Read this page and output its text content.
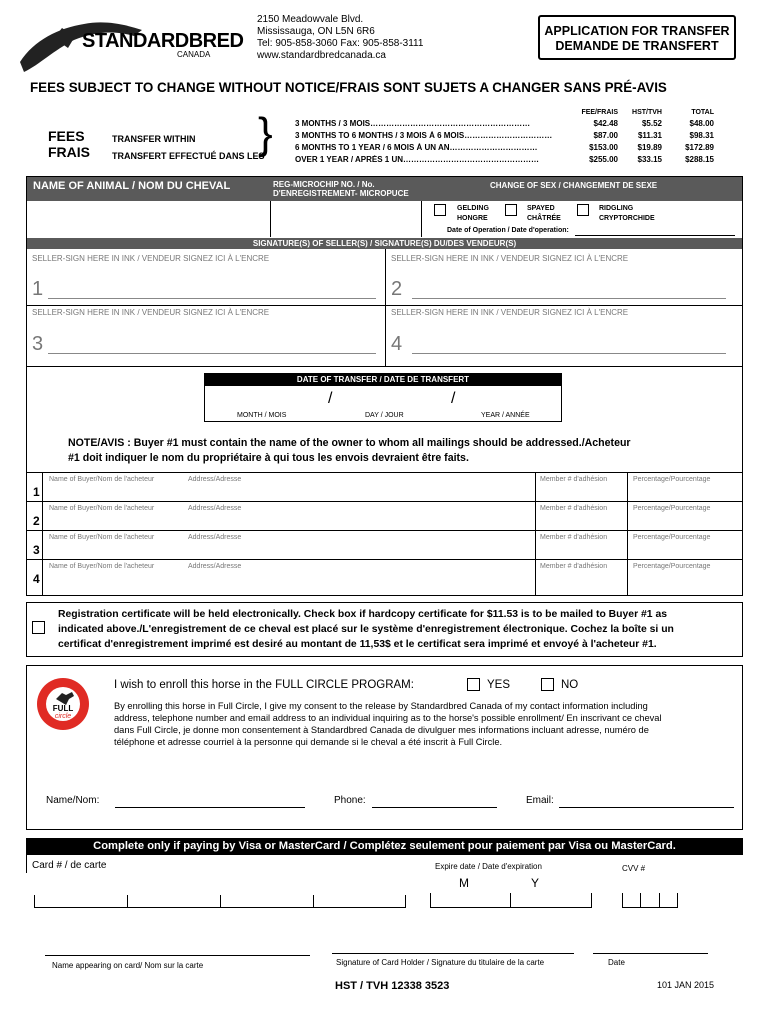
STANDARDBRED
CANADA
2150 Meadowvale Blvd.
Mississauga, ON L5N 6R6
Tel: 905-858-3060 Fax: 905-858-3111
www.standardbredcanada.ca
APPLICATION FOR TRANSFER
DEMANDE DE TRANSFERT
FEES SUBJECT TO CHANGE WITHOUT NOTICE/FRAIS SONT SUJETS A CHANGER SANS PRÉ-AVIS
FEES
FRAIS
TRANSFER WITHIN
TRANSFERT EFFECTUÉ DANS LES
}	FEE/FRAIS	HST/TVH	TOTAL
3 MONTHS / 3 MOIS……………………………………………………	$42.48	$5.52	$48.00
3 MONTHS TO 6 MONTHS / 3 MOIS À 6 MOIS……………………………	$87.00	$11.31	$98.31
6 MONTHS TO 1 YEAR / 6 MOIS À UN AN……………………………	$153.00	$19.89	$172.89
OVER 1 YEAR / APRÈS 1 UN……………………………………………	$255.00	$33.15	$288.15
NAME OF ANIMAL / NOM DU CHEVAL	REG-MICROCHIP NO. / No.
D'ENREGISTREMENT- MICROPUCE
CHANGE OF SEX / CHANGEMENT DE SEXE
GELDING
HONGRE
SPAYED
CHÂTRÉE
RIDGLING
CRYPTORCHIDE
Date of Operation / Date d'operation:
SIGNATURE(S) OF SELLER(S) / SIGNATURE(S) DU/DES VENDEUR(S)
SELLER-SIGN HERE IN INK / VENDEUR SIGNEZ ICI À L'ENCRE	SELLER-SIGN HERE IN INK / VENDEUR SIGNEZ ICI À L'ENCRE
SELLER-SIGN HERE IN INK / VENDEUR SIGNEZ ICI À L'ENCRE	SELLER-SIGN HERE IN INK / VENDEUR SIGNEZ ICI À L'ENCRE
1	2
3	4
DATE OF TRANSFER / DATE DE TRANSFERT
/	/
MONTH / MOIS	DAY / JOUR	YEAR / ANNÉE
NOTE/AVIS : Buyer #1 must contain the name of the owner to whom all mailings should be addressed./Acheteur
#1 doit indiquer le nom du propriétaire à qui tous les envois devraient être faits.
1
2
3
4
Name of Buyer/Nom de l'acheteur	Address/Adresse	Member # d'adhésion	Percentage/Pourcentage
Name of Buyer/Nom de l'acheteur	Address/Adresse	Member # d'adhésion	Percentage/Pourcentage
Name of Buyer/Nom de l'acheteur	Address/Adresse	Member # d'adhésion	Percentage/Pourcentage
Name of Buyer/Nom de l'acheteur	Address/Adresse	Member # d'adhésion	Percentage/Pourcentage
Registration certificate will be held electronically. Check box if hardcopy certificate for $11.53 is to be mailed to Buyer #1 as
indicated above./L'enregistrement de ce cheval est placé sur le système d'enregistrement électronique. Cochez la boîte si un
certificat d'enregistrement imprimé est desiré au montant de 11,53$ et le certificat sera imprimé et envoyé à l'acheteur #1.
FULL
circle
I wish to enroll this horse in the FULL CIRCLE PROGRAM:	YES	NO
By enrolling this horse in Full Circle, I give my consent to the release by Standardbred Canada of my contact information including
address, telephone number and email address to an individual inquiring as to the horse's possible enrollment/ En inscrivant ce cheval
dans Full Circle, je donne mon consentement à Standardbred Canada de divulguer mes informations incluant adresse, numéro de
téléphone et adresse courriel à la personne qui demande si le cheval a été inscrit à Full Circle.
Name/Nom:	Phone:	Email:
Complete only if paying by Visa or MasterCard / Complétez seulement pour paiement par Visa ou MasterCard.
Card # / de carte	Expire date / Date d'expiration
M	Y
CVV #
Name appearing on card/ Nom sur la carte	Signature of Card Holder / Signature du titulaire de la carte	Date
HST / TVH 12338 3523	101 JAN 2015
